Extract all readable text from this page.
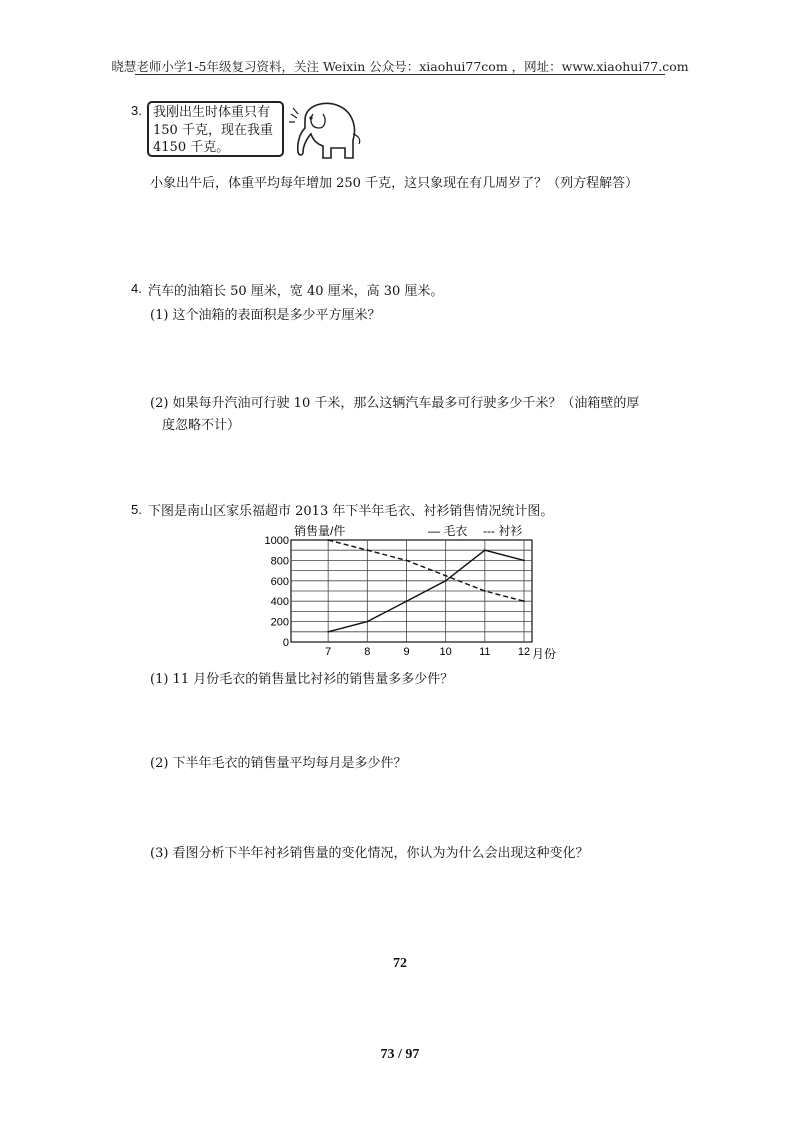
晓慧老师小学1-5年级复习资料，关注 Weixin 公众号：xiaohui77com ，网址：www.xiaohui77.com
3. 我刚出生时体重只有
150 千克，现在我重
4150 千克。
小象出牛后，体重平均每年增加 250 千克，这只象现在有几周岁了？（列方程解答）
4. 汽车的油箱长 50 厘米，宽 40 厘米，高 30 厘米。
(1) 这个油箱的表面积是多少平方厘米？
(2) 如果每升汽油可行驶 10 千米，那么这辆汽车最多可行驶多少千米？（油箱壁的厚
度忽略不计）
5. 下图是南山区家乐福超市 2013 年下半年毛衣、衬衫销售情况统计图。
0
200
400
600
800
1000
7	8	9	10 11 12
销售量/件
月份
— 毛衣 --- 衬衫
(1) 11 月份毛衣的销售量比衬衫的销售量多多少件？
(2) 下半年毛衣的销售量平均每月是多少件？
(3) 看图分析下半年衬衫销售量的变化情况，你认为为什么会出现这种变化？
72
73 / 97
